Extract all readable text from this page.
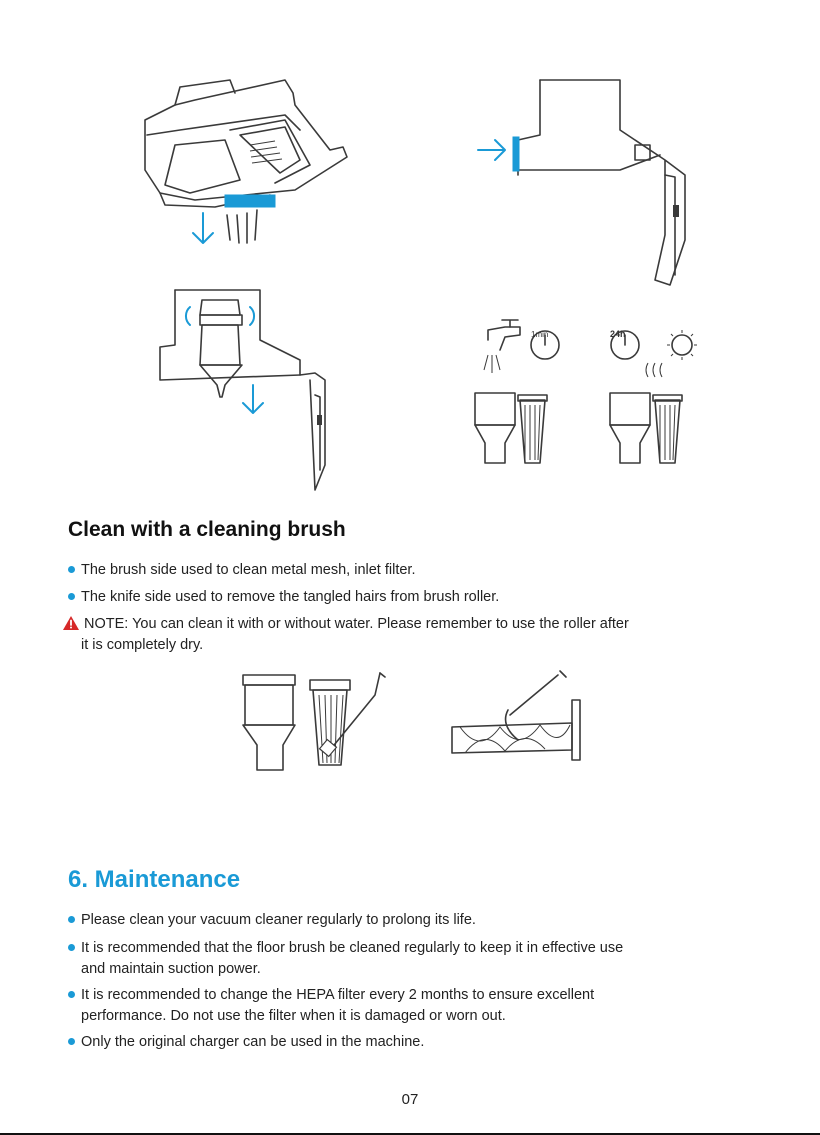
1min	24h
Clean with a cleaning brush
The brush side used to clean metal mesh, inlet filter.
The knife side used to remove the tangled hairs from brush roller.
NOTE: You can clean it with or without water. Please remember to use the roller after
it is completely dry.
6. Maintenance
Please clean your vacuum cleaner regularly to prolong its life.
It is recommended that the floor brush be cleaned regularly to keep it in effective use
and maintain suction power.
It is recommended to change the HEPA filter every 2 months to ensure excellent
performance. Do not use the filter when it is damaged or worn out.
Only the original charger can be used in the machine.
07
